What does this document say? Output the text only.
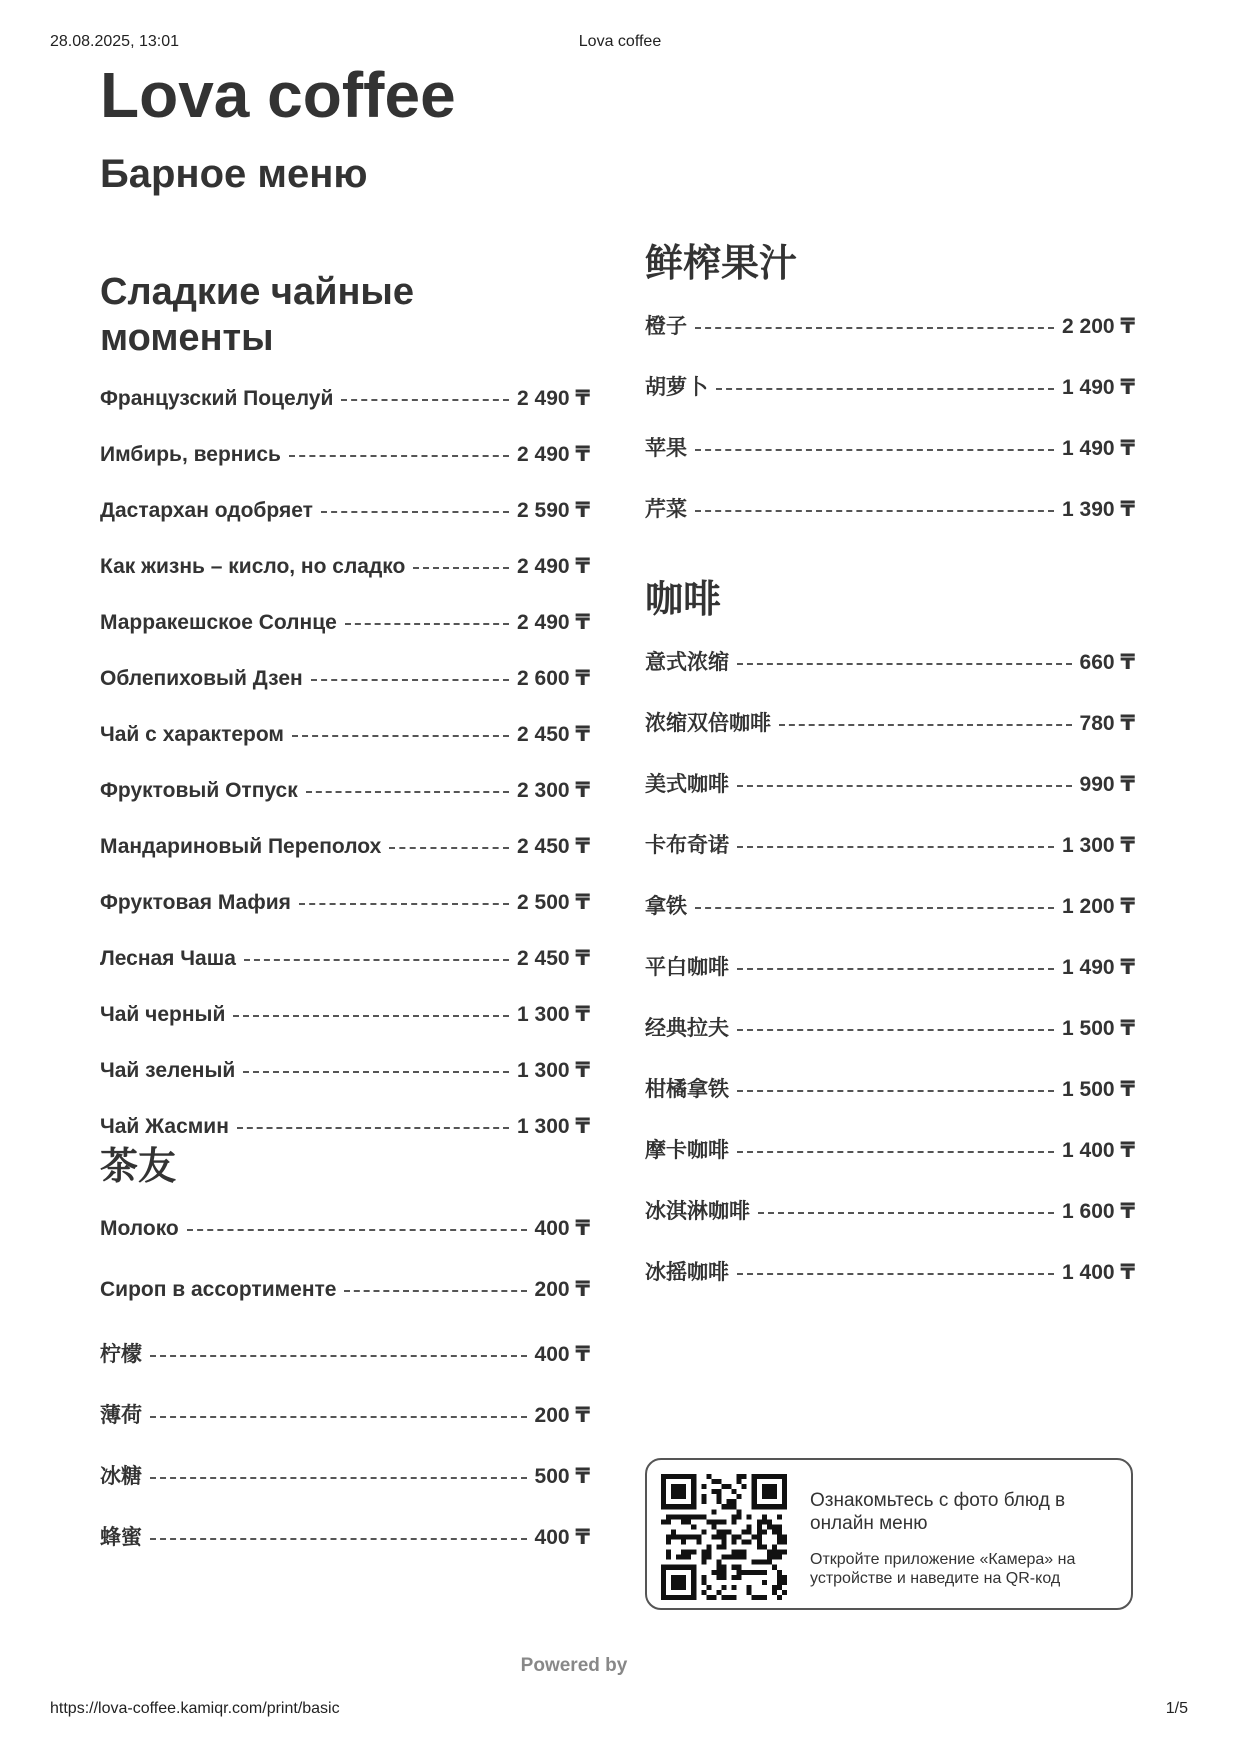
28.08.2025, 13:01	Lova coffee
Lova coffee
Барное меню
Сладкие чайные моменты
Французский Поцелуй	2 490 ₸
Имбирь, вернись	2 490 ₸
Дастархан одобряет	2 590 ₸
Как жизнь – кисло, но сладко	2 490 ₸
Марракешское Солнце	2 490 ₸
Облепиховый Дзен	2 600 ₸
Чай с характером	2 450 ₸
Фруктовый Отпуск	2 300 ₸
Мандариновый Переполох	2 450 ₸
Фруктовая Мафия	2 500 ₸
Лесная Чаша	2 450 ₸
Чай черный	1 300 ₸
Чай зеленый	1 300 ₸
Чай Жасмин	1 300 ₸
茶友
Молоко	400 ₸
Сироп в ассортименте	200 ₸
柠檬	400 ₸
薄荷	200 ₸
冰糖	500 ₸
蜂蜜	400 ₸
鲜榨果汁
橙子	2 200 ₸
胡萝卜	1 490 ₸
苹果	1 490 ₸
芹菜	1 390 ₸
咖啡
意式浓缩	660 ₸
浓缩双倍咖啡	780 ₸
美式咖啡	990 ₸
卡布奇诺	1 300 ₸
拿铁	1 200 ₸
平白咖啡	1 490 ₸
经典拉夫	1 500 ₸
柑橘拿铁	1 500 ₸
摩卡咖啡	1 400 ₸
冰淇淋咖啡	1 600 ₸
冰摇咖啡	1 400 ₸

Ознакомьтесь с фото блюд в онлайн меню

Откройте приложение «Камера» на устройстве и наведите на QR-код

Powered by
https://lova-coffee.kamiqr.com/print/basic	1/5
